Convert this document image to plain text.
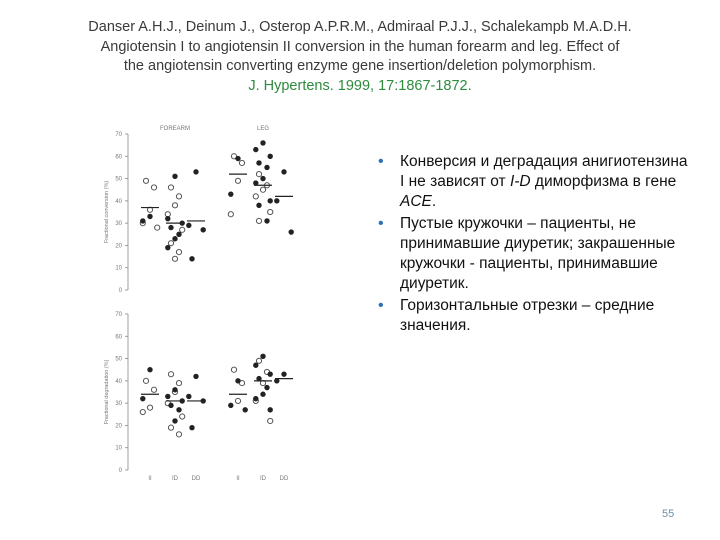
Danser A.H.J., Deinum J., Osterop A.P.R.M., Admiraal P.J.J., Schalekampb M.A.D.H.
Angiotensin I to angiotensin II conversion in the human forearm and leg. Effect of
the angiotensin converting enzyme gene insertion/deletion polymorphism.
J. Hypertens. 1999, 17:1867-1872.
0
10
20
30
40
50
60
70
Fractional conversion (%)
FOREARM	LEG
0
10
20
30
40
50
60
70
Fractional degradation (%)
II	ID DD	II	ID DD
• Конверсия и деградация анигиотензина I не зависят от I-D диморфизма в гене ACE.
• Пустые кружочки – пациенты, не принимавшие диуретик; закрашенные кружочки - пациенты, принимавшие диуретик.
• Горизонтальные отрезки – средние значения.
55
